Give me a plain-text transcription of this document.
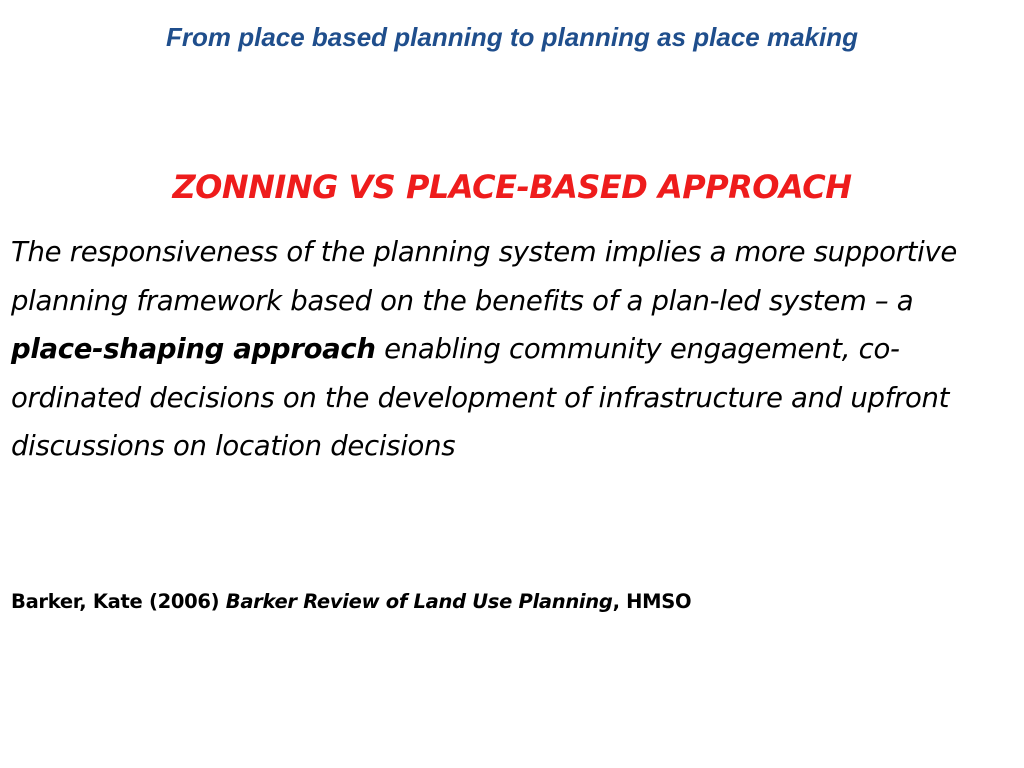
From place based planning to planning as place making
ZONNING VS PLACE-BASED APPROACH

The responsiveness of the planning system implies a more supportive planning framework based on the benefits of a plan-led system – a place-shaping approach enabling community engagement, co-ordinated decisions on the development of infrastructure and upfront discussions on location decisions

Barker, Kate (2006) Barker Review of Land Use Planning, HMSO
